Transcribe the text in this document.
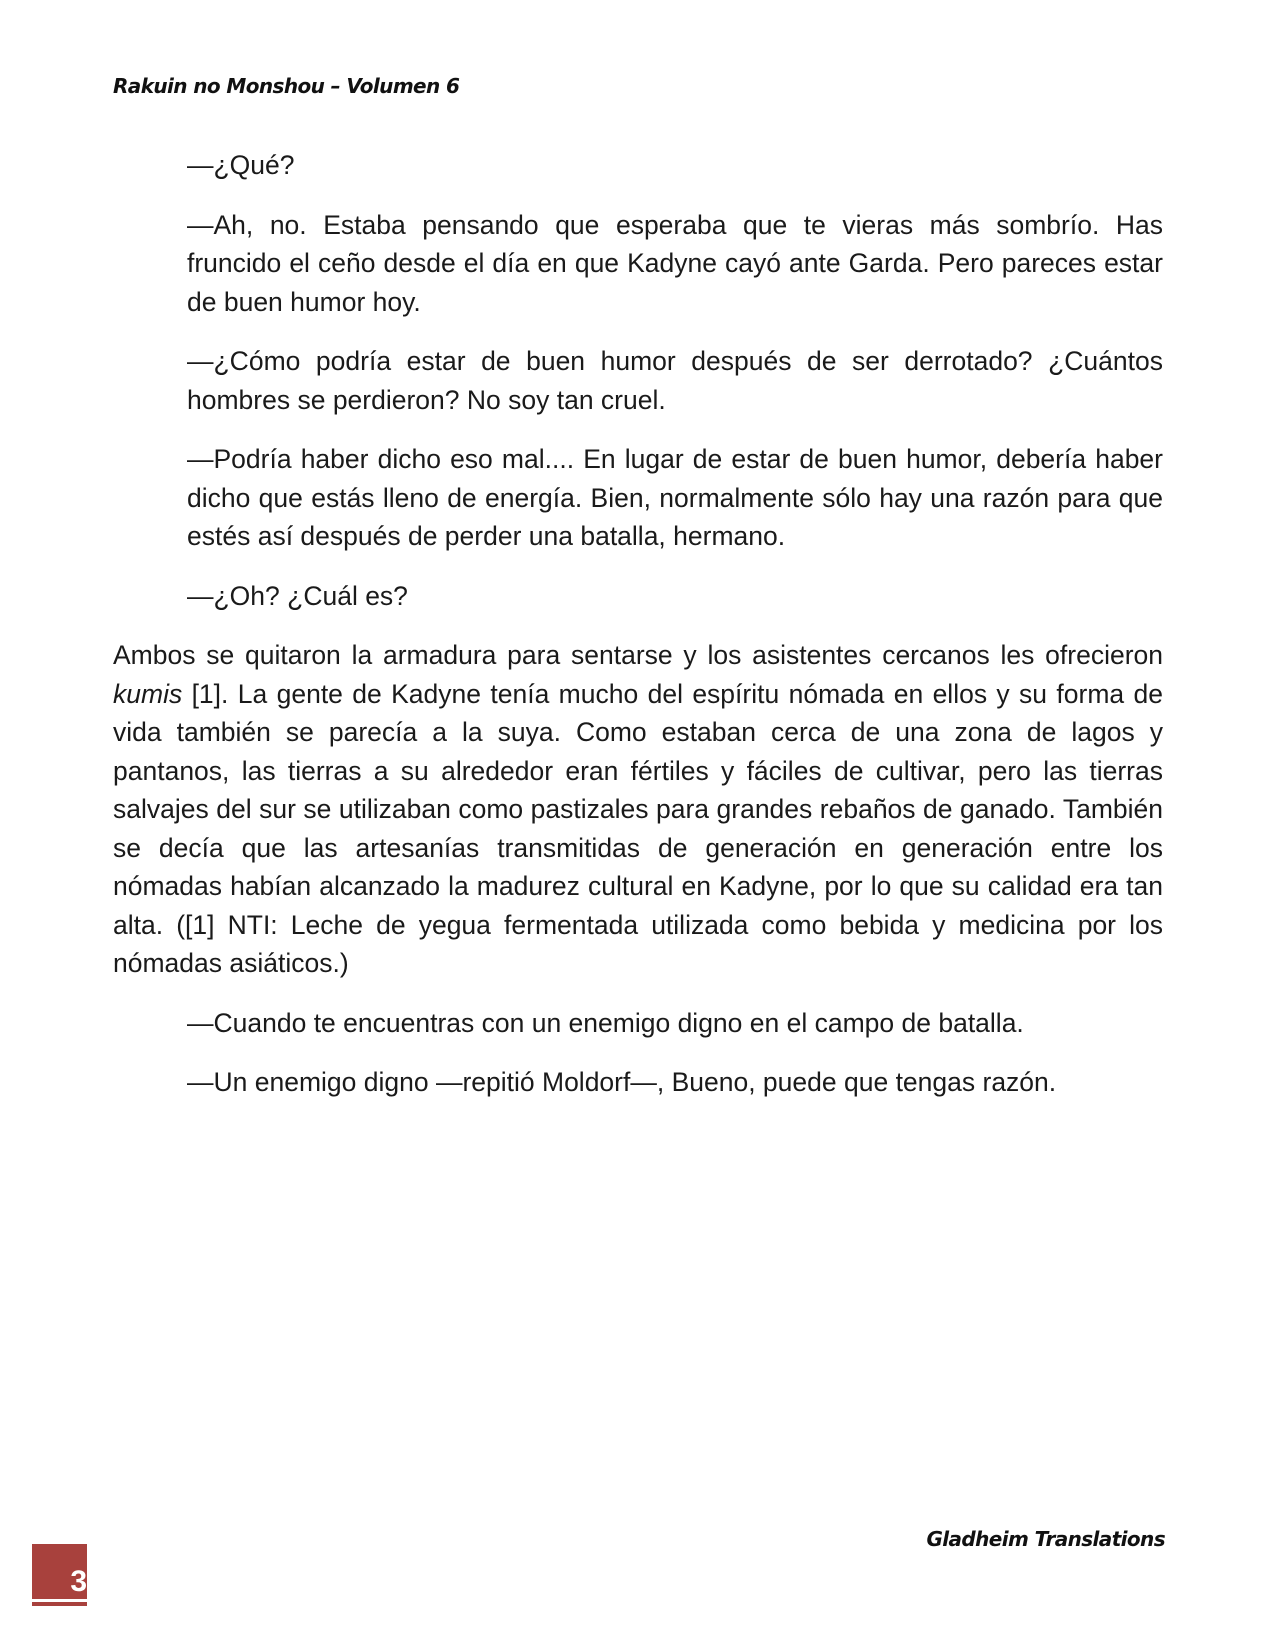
Rakuin no Monshou – Volumen 6

—¿Qué?

—Ah, no. Estaba pensando que esperaba que te vieras más sombrío. Has fruncido el ceño desde el día en que Kadyne cayó ante Garda. Pero pareces estar de buen humor hoy.

—¿Cómo podría estar de buen humor después de ser derrotado? ¿Cuántos hombres se perdieron? No soy tan cruel.

—Podría haber dicho eso mal.... En lugar de estar de buen humor, debería haber dicho que estás lleno de energía. Bien, normalmente sólo hay una razón para que estés así después de perder una batalla, hermano.

—¿Oh? ¿Cuál es?

Ambos se quitaron la armadura para sentarse y los asistentes cercanos les ofrecieron kumis [1]. La gente de Kadyne tenía mucho del espíritu nómada en ellos y su forma de vida también se parecía a la suya. Como estaban cerca de una zona de lagos y pantanos, las tierras a su alrededor eran fértiles y fáciles de cultivar, pero las tierras salvajes del sur se utilizaban como pastizales para grandes rebaños de ganado. También se decía que las artesanías transmitidas de generación en generación entre los nómadas habían alcanzado la madurez cultural en Kadyne, por lo que su calidad era tan alta. ([1] NTI: Leche de yegua fermentada utilizada como bebida y medicina por los nómadas asiáticos.)

—Cuando te encuentras con un enemigo digno en el campo de batalla.

—Un enemigo digno —repitió Moldorf—, Bueno, puede que tengas razón.

Gladheim Translations
3
